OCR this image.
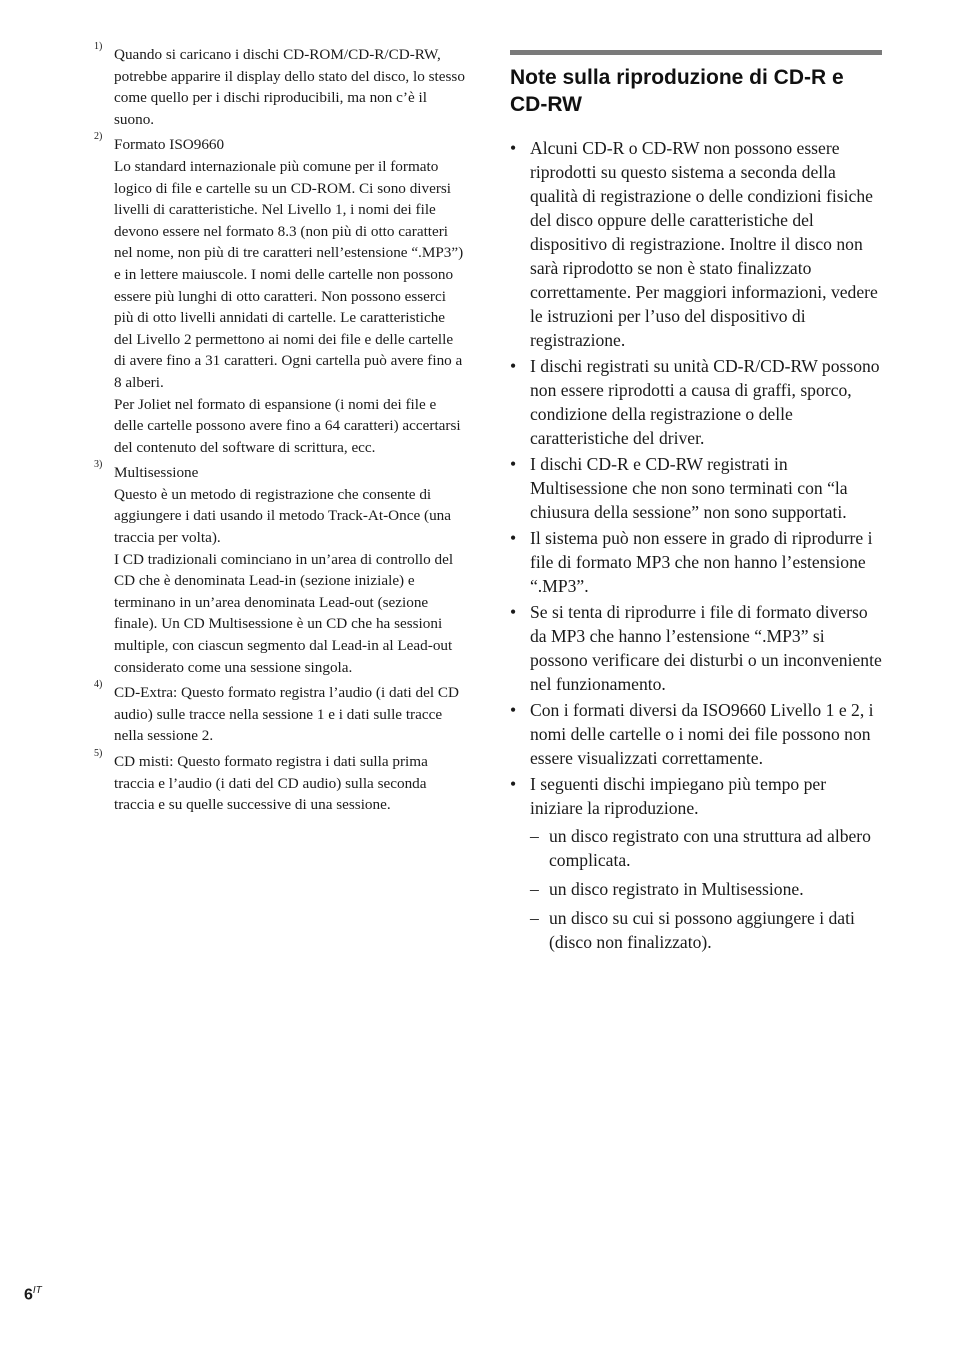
1) Quando si caricano i dischi CD-ROM/CD-R/CD-RW, potrebbe apparire il display dello stato del disco, lo stesso come quello per i dischi riproducibili, ma non c’è il suono.

2) Formato ISO9660

Lo standard internazionale più comune per il formato logico di file e cartelle su un CD-ROM. Ci sono diversi livelli di caratteristiche. Nel Livello 1, i nomi dei file devono essere nel formato 8.3 (non più di otto caratteri nel nome, non più di tre caratteri nell’estensione “.MP3”) e in lettere maiuscole. I nomi delle cartelle non possono essere più lunghi di otto caratteri. Non possono esserci più di otto livelli annidati di cartelle. Le caratteristiche del Livello 2 permettono ai nomi dei file e delle cartelle di avere fino a 31 caratteri. Ogni cartella può avere fino a 8 alberi.

Per Joliet nel formato di espansione (i nomi dei file e delle cartelle possono avere fino a 64 caratteri) accertarsi del contenuto del software di scrittura, ecc.

3) Multisessione

Questo è un metodo di registrazione che consente di aggiungere i dati usando il metodo Track-At-Once (una traccia per volta).

I CD tradizionali cominciano in un’area di controllo del CD che è denominata Lead-in (sezione iniziale) e terminano in un’area denominata Lead-out (sezione finale). Un CD Multisessione è un CD che ha sessioni multiple, con ciascun segmento dal Lead-in al Lead-out considerato come una sessione singola.

4) CD-Extra: Questo formato registra l’audio (i dati del CD audio) sulle tracce nella sessione 1 e i dati sulle tracce nella sessione 2.

5) CD misti: Questo formato registra i dati sulla prima traccia e l’audio (i dati del CD audio) sulla seconda traccia e su quelle successive di una sessione.

Note sulla riproduzione di CD-R e CD-RW
• Alcuni CD-R o CD-RW non possono essere riprodotti su questo sistema a seconda della qualità di registrazione o delle condizioni fisiche del disco oppure delle caratteristiche del dispositivo di registrazione. Inoltre il disco non sarà riprodotto se non è stato finalizzato correttamente. Per maggiori informazioni, vedere le istruzioni per l’uso del dispositivo di registrazione.
• I dischi registrati su unità CD-R/CD-RW possono non essere riprodotti a causa di graffi, sporco, condizione della registrazione o delle caratteristiche del driver.
• I dischi CD-R e CD-RW registrati in Multisessione che non sono terminati con “la chiusura della sessione” non sono supportati.
• Il sistema può non essere in grado di riprodurre i file di formato MP3 che non hanno l’estensione “.MP3”.
• Se si tenta di riprodurre i file di formato diverso da MP3 che hanno l’estensione “.MP3” si possono verificare dei disturbi o un inconveniente nel funzionamento.
• Con i formati diversi da ISO9660 Livello 1 e 2, i nomi delle cartelle o i nomi dei file possono non essere visualizzati correttamente.
• I seguenti dischi impiegano più tempo per iniziare la riproduzione.
– un disco registrato con una struttura ad albero complicata.
– un disco registrato in Multisessione.
– un disco su cui si possono aggiungere i dati (disco non finalizzato).
$6^{IT}$
